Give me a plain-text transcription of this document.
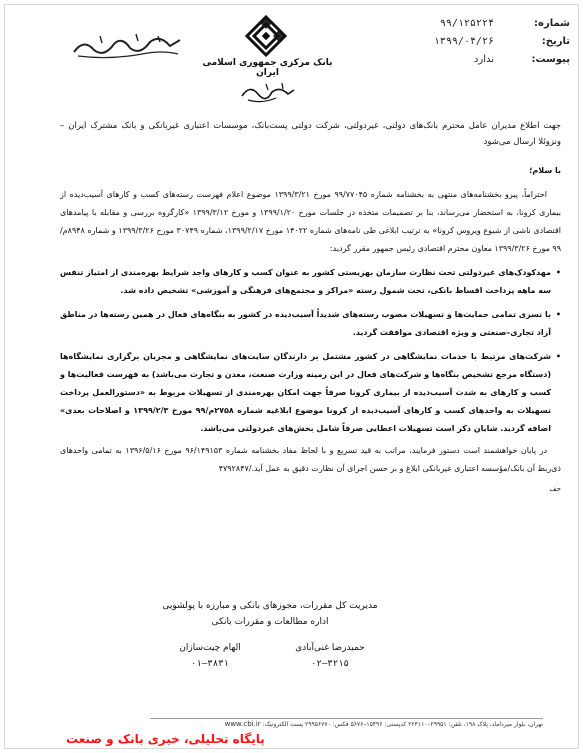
شماره:
۹۹/۱۲۵۲۲۴
تاریخ:
۱۳۹۹/۰۴/۲۶
پیوست:
ندارد
بانک مرکزی جمهوری اسلامی ایران
جهت اطلاع مدیران عامل محترم بانک‌های دولتی، غیردولتی، شرکت دولتی پست‌بانک، موسسات اعتباری غیربانکی و بانک مشترک ایران – ونزوئلا ارسال می‌شود
با سلام؛
احتراماً، پیرو بخشنامه‌های منتهی به بخشنامه شماره ۹۹/۷۷۰۴۵ مورخ ۱۳۹۹/۳/۲۱ موضوع اعلام فهرست رسته‌های کسب و کارهای آسیب‌دیده از بیماری کرونا، به استحضار می‌رساند، بنا بر تصمیمات متخذه در جلسات مورخ ۱۳۹۹/۱/۲۰ و مورخ ۱۳۹۹/۳/۱۲ «کارگروه بررسی و مقابله با پیامدهای اقتصادی ناشی از شیوع ویروس کرونا» به ترتیب ابلاغی طی نامه‌های شماره ۱۴۰۲۲ مورخ ۱۳۹۹/۲/۱۷، شماره ۳۰۷۴۹ مورخ ۱۳۹۹/۳/۲۶ و شماره ۸۹۴۸م/۹۹ مورخ ۱۳۹۹/۳/۲۶ معاون محترم اقتصادی رئیس جمهور مقرر گردید:
•
مهدکودک‌های غیردولتی تحت نظارت سازمان بهزیستی کشور به عنوان کسب و کارهای واجد شرایط بهره‌مندی از امتیاز تنفس سه ماهه پرداخت اقساط بانکی، تحت شمول رسته «مراکز و مجتمع‌های فرهنگی و آموزشی» تشخیص داده شد.
•
با نسری تمامی حمایت‌ها و تسهیلات مصوب رسته‌های شدیداً آسیب‌دیده در کشور به بنگاه‌های فعال در همین رسته‌ها در مناطق آزاد تجاری–صنعتی و ویژه اقتصادی موافقت گردید.
•
شرکت‌های مرتبط با خدمات نمایشگاهی در کشور مشتمل بر دارندگان سایت‌های نمایشگاهی و مجریان برگزاری نمایشگاه‌ها (دستگاه مرجع تشخیص بنگاه‌ها و شرکت‌های فعال در این زمینه وزارت صنعت، معدن و تجارت می‌باشد) به فهرست فعالیت‌ها و کسب و کارهای به شدت آسیب‌دیده از بیماری کرونا صرفاً جهت امکان بهره‌مندی از تسهیلات مربوط به «دستورالعمل پرداخت تسهیلات به واحدهای کسب و کارهای آسیب‌دیده از کرونا موضوع ابلاغیه شماره ۲۷۵۸م/۹۹ مورخ ۱۳۹۹/۲/۳ و اصلاحات بعدی» اضافه گردید. شایان ذکر است تسهیلات اعطایی صرفاً شامل بخش‌های غیردولتی می‌باشد.
در پایان خواهشمند است دستور فرمایند، مراتب به قید تسریع و با لحاظ مفاد بخشنامه شماره ۹۶/۱۴۹۱۵۳ مورخ ۱۳۹۶/۵/۱۶ به تمامی واحدهای ذی‌ربط آن بانک/مؤسسه اعتباری غیربانکی ابلاغ و بر حسن اجرای آن نظارت دقیق به عمل آید./۴۷۹۲۸۴۷
حف
مدیریت کل مقررات، مجوزهای بانکی و مبارزه با پولشویی
اداره مطالعات و مقررات بانکی
حمیدرضا غنی‌آبادی
۳۲۱۵–۰۲
الهام چیت‌سازان
۳۸۳۱–۰۱
تهران، بلوار میرداماد، پلاک ۱۹۸، تلفن: ۲۹۹۵۱–۲۲۳۱۱۰ کدپستی: ۱۵۴۹۶–۵۶۷۶ فکس: ۲۹۹۵۶۷۷۰ پست الکترونیک: www.cbi.ir
پایگاه تحلیلی، خبری بانک و صنعت
